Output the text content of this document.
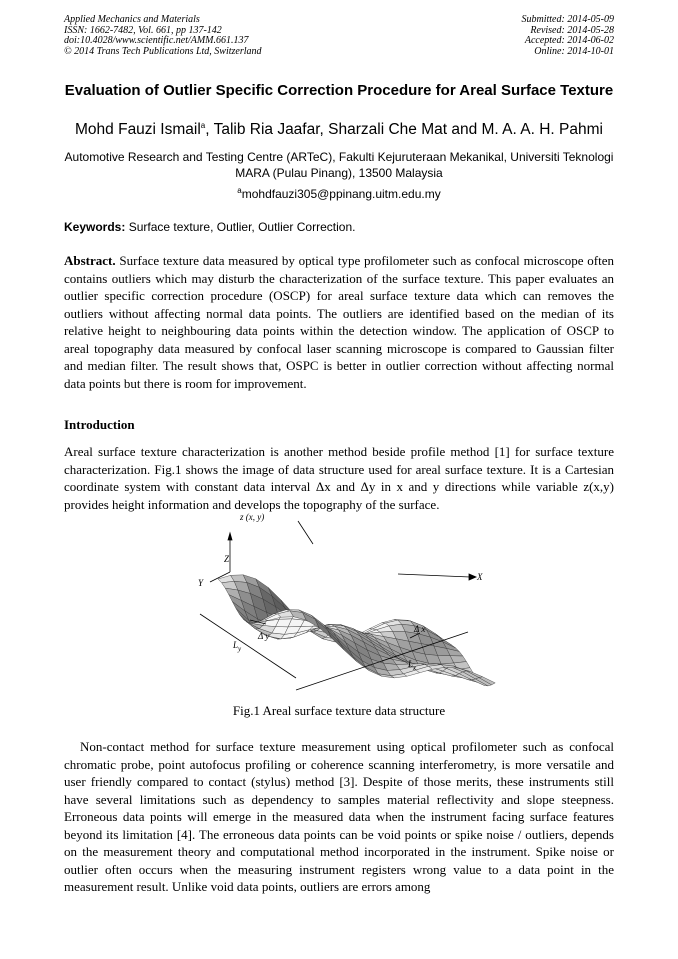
Applied Mechanics and Materials
ISSN: 1662-7482, Vol. 661, pp 137-142
doi:10.4028/www.scientific.net/AMM.661.137
© 2014 Trans Tech Publications Ltd, Switzerland
Submitted: 2014-05-09
Revised: 2014-05-28
Accepted: 2014-06-02
Online: 2014-10-01
Evaluation of Outlier Specific Correction Procedure for Areal Surface Texture
Mohd Fauzi Ismail$^a$, Talib Ria Jaafar, Sharzali Che Mat and M. A. A. H. Pahmi
Automotive Research and Testing Centre (ARTeC), Fakulti Kejuruteraan Mekanikal, Universiti Teknologi MARA (Pulau Pinang), 13500 Malaysia
$^a$mohdfauzi305@ppinang.uitm.edu.my
Keywords: Surface texture, Outlier, Outlier Correction.
Abstract. Surface texture data measured by optical type profilometer such as confocal microscope often contains outliers which may disturb the characterization of the surface texture. This paper evaluates an outlier specific correction procedure (OSCP) for areal surface texture data which can removes the outliers without affecting normal data points. The outliers are identified based on the median of its relative height to neighbouring data points within the detection window. The application of OSCP to areal topography data measured by confocal laser scanning microscope is compared to Gaussian filter and median filter. The result shows that, OSPC is better in outlier correction without affecting normal data points but there is room for improvement.
Introduction
Areal surface texture characterization is another method beside profile method [1] for surface texture characterization. Fig.1 shows the image of data structure used for areal surface texture. It is a Cartesian coordinate system with constant data interval Δx and Δy in x and y directions while variable z(x,y) provides height information and develops the topography of the surface.
z (x, y)
Z
Y
X
Δ y
Δ x
$L_y$
$L_x$
Fig.1 Areal surface texture data structure
Non-contact method for surface texture measurement using optical profilometer such as confocal chromatic probe, point autofocus profiling or coherence scanning interferometry, is more versatile and user friendly compared to contact (stylus) method [3]. Despite of those merits, these instruments still have several limitations such as dependency to samples material reflectivity and slope steepness. Erroneous data points will emerge in the measured data when the instrument facing surface features beyond its limitation [4]. The erroneous data points can be void points or spike noise / outliers, depends on the measurement theory and computational method incorporated in the instrument. Spike noise or outlier often occurs when the measuring instrument registers wrong value to a data point in the measurement result. Unlike void data points, outliers are errors among
